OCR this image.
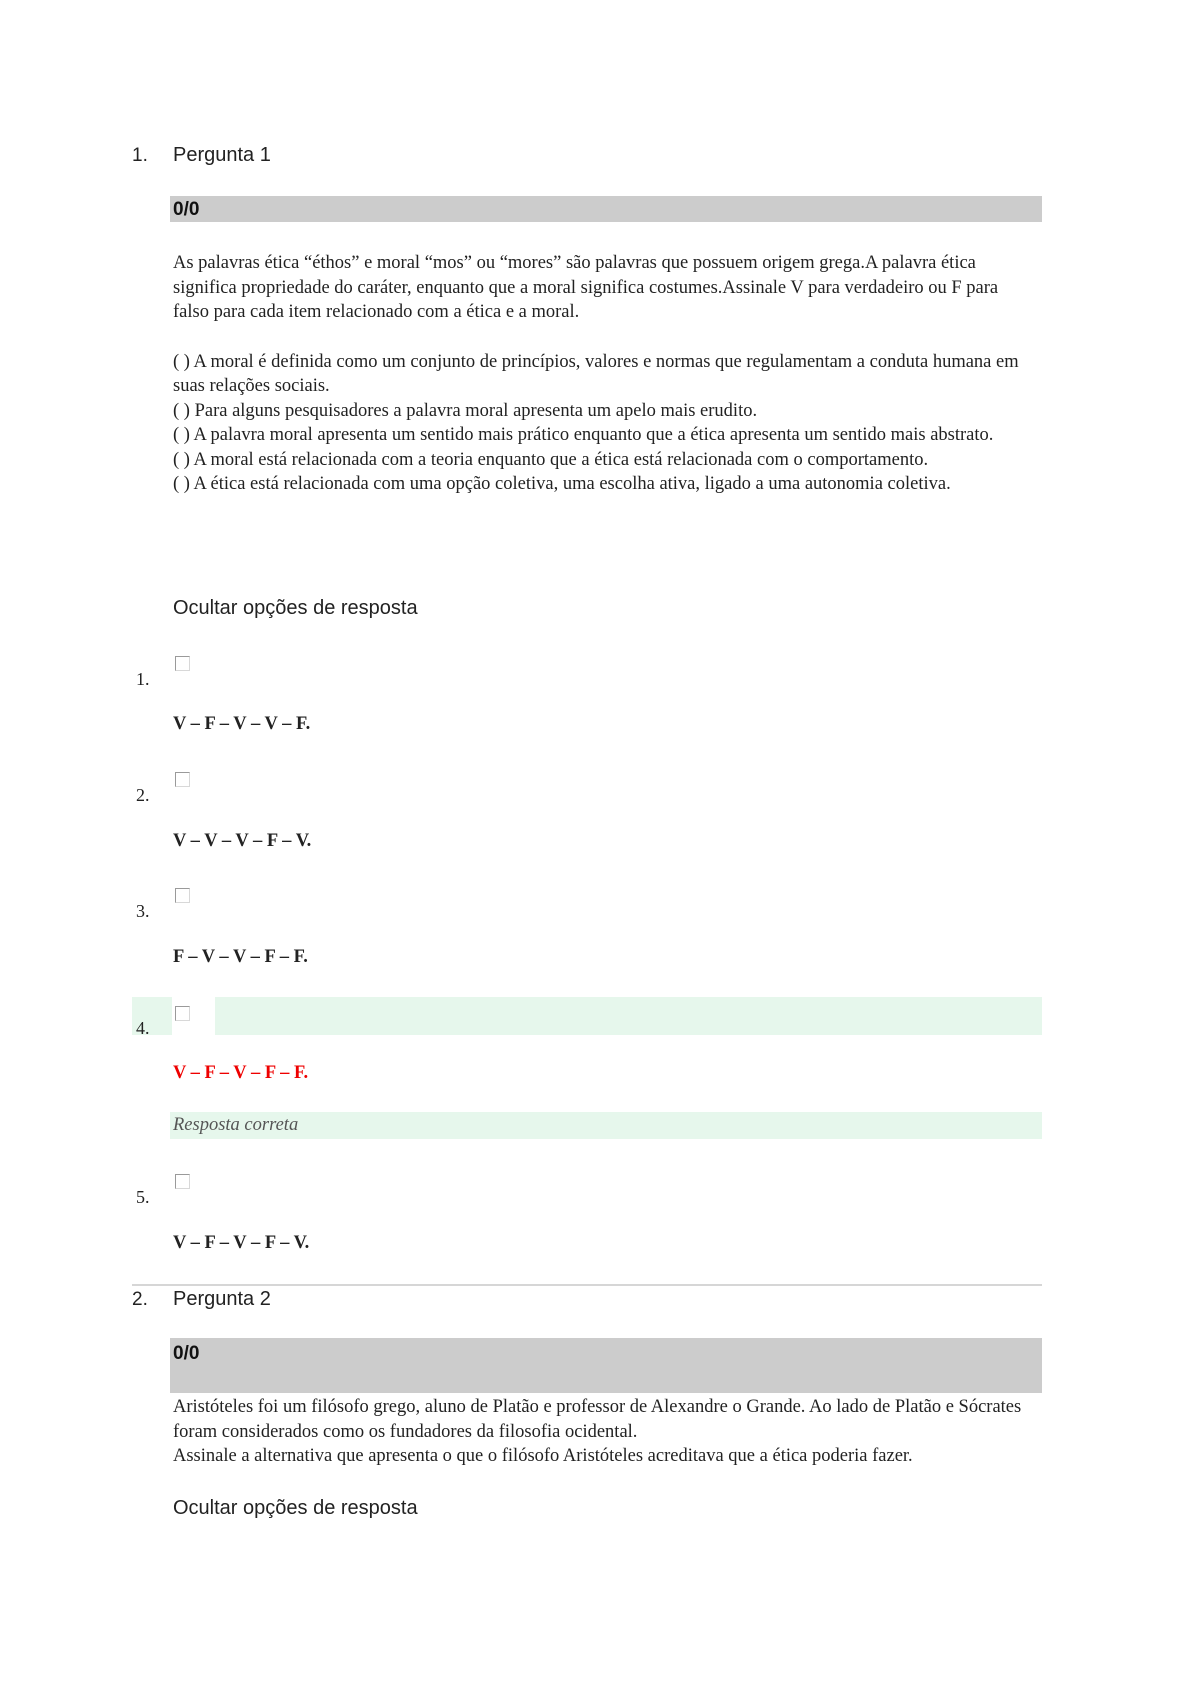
1. Pergunta 1
0/0

As palavras ética “éthos” e moral “mos” ou “mores” são palavras que possuem origem grega.A palavra ética significa propriedade do caráter, enquanto que a moral significa costumes.Assinale V para verdadeiro ou F para falso para cada item relacionado com a ética e a moral.

( ) A moral é definida como um conjunto de princípios, valores e normas que regulamentam a conduta humana em suas relações sociais.

( ) Para alguns pesquisadores a palavra moral apresenta um apelo mais erudito.

( ) A palavra moral apresenta um sentido mais prático enquanto que a ética apresenta um sentido mais abstrato.

( ) A moral está relacionada com a teoria enquanto que a ética está relacionada com o comportamento.

( ) A ética está relacionada com uma opção coletiva, uma escolha ativa, ligado a uma autonomia coletiva.

Ocultar opções de resposta
1.
V – F – V – V – F.
2.
V – V – V – F – V.
3.
F – V – V – F – F.
4.
V – F – V – F – F.
Resposta correta
5.
V – F – V – F – V.
2. Pergunta 2
0/0

Aristóteles foi um filósofo grego, aluno de Platão e professor de Alexandre o Grande. Ao lado de Platão e Sócrates foram considerados como os fundadores da filosofia ocidental.

Assinale a alternativa que apresenta o que o filósofo Aristóteles acreditava que a ética poderia fazer.

Ocultar opções de resposta
